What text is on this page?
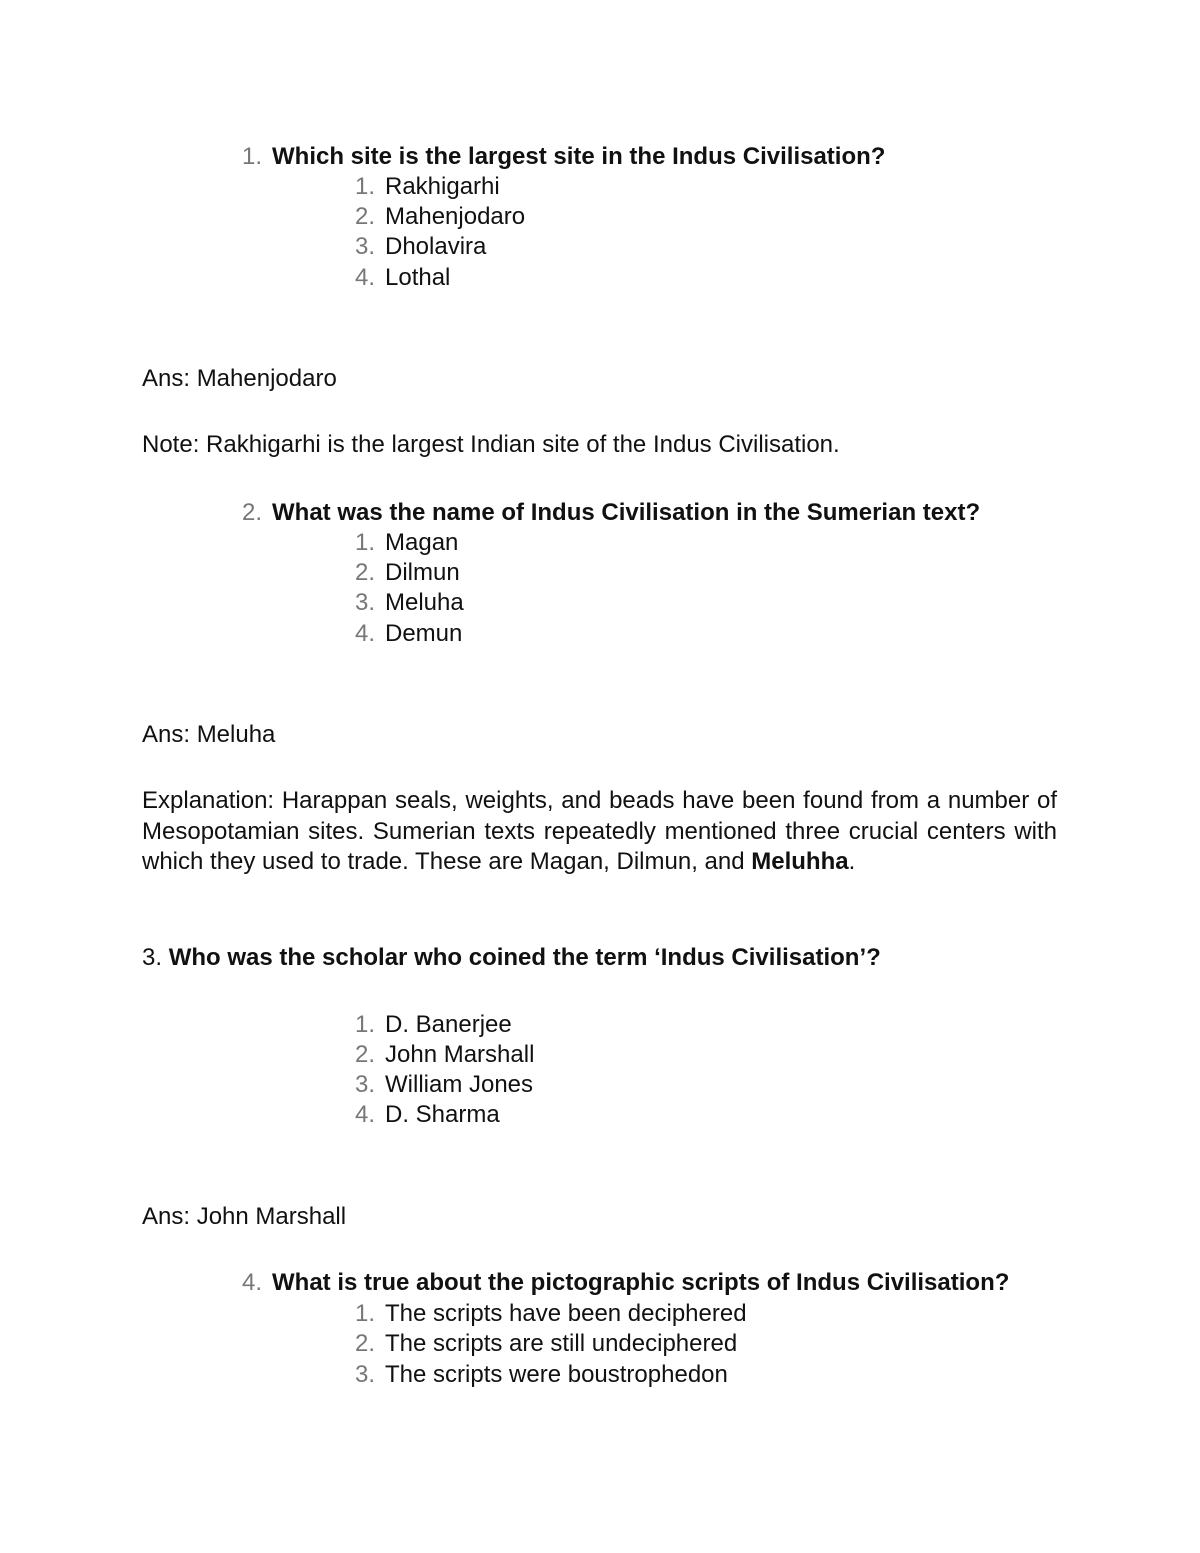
1. Which site is the largest site in the Indus Civilisation?
1. Rakhigarhi
2. Mahenjodaro
3. Dholavira
4. Lothal
Ans: Mahenjodaro
Note: Rakhigarhi is the largest Indian site of the Indus Civilisation.
2. What was the name of Indus Civilisation in the Sumerian text?
1. Magan
2. Dilmun
3. Meluha
4. Demun
Ans: Meluha
Explanation: Harappan seals, weights, and beads have been found from a number of Mesopotamian sites. Sumerian texts repeatedly mentioned three crucial centers with which they used to trade. These are Magan, Dilmun, and Meluhha.
3. Who was the scholar who coined the term ‘Indus Civilisation’?
1. D. Banerjee
2. John Marshall
3. William Jones
4. D. Sharma
Ans: John Marshall
4. What is true about the pictographic scripts of Indus Civilisation?
1. The scripts have been deciphered
2. The scripts are still undeciphered
3. The scripts were boustrophedon
